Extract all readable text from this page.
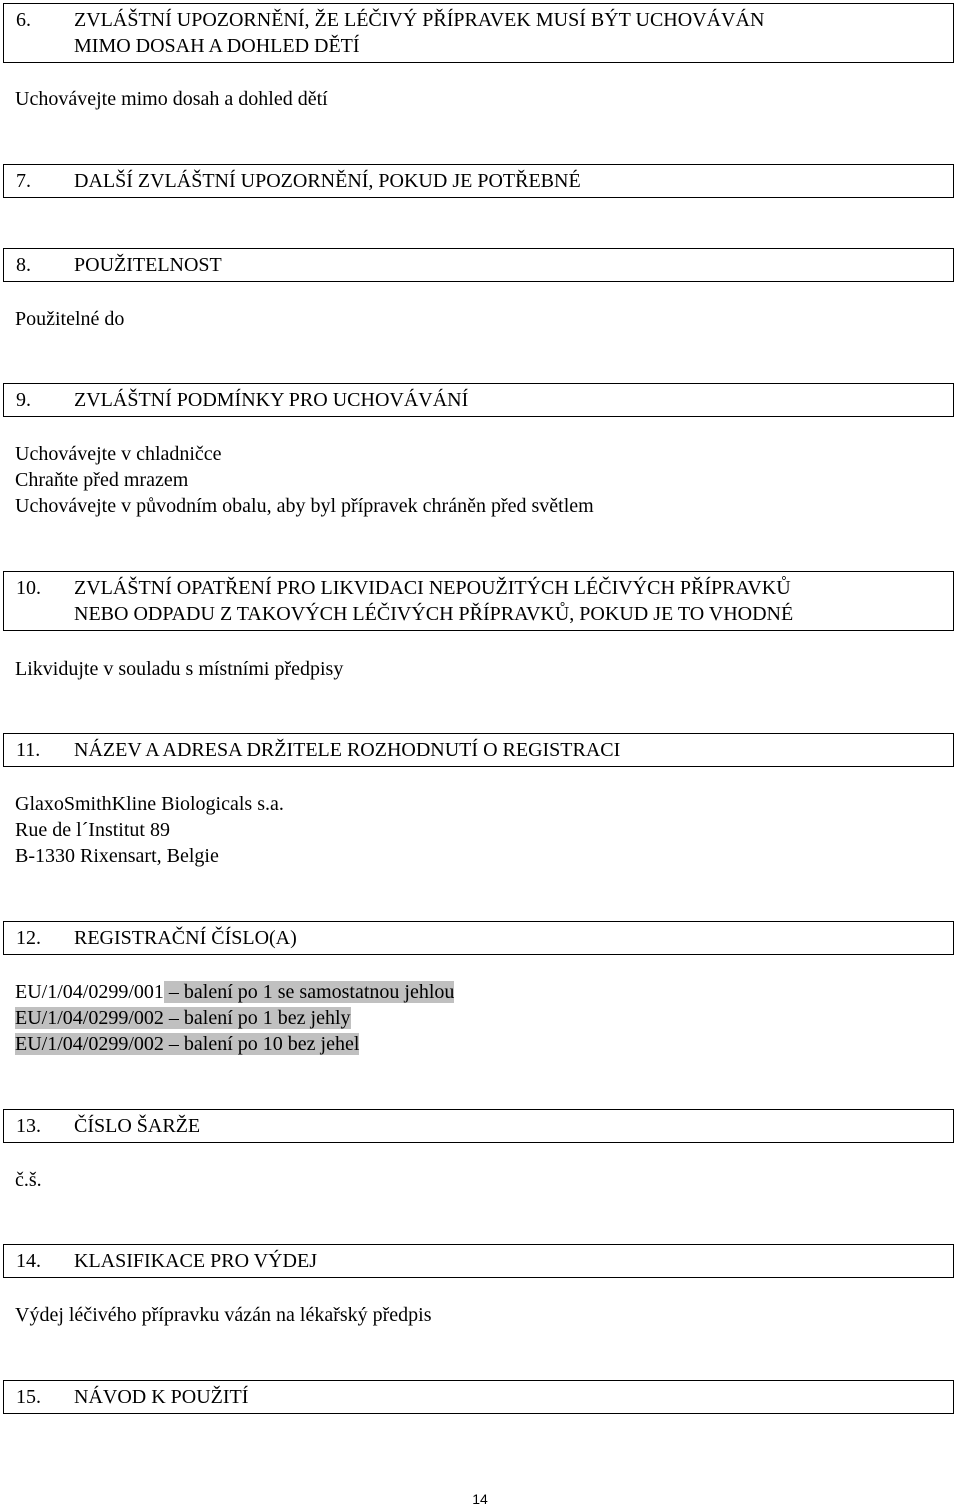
6.	ZVLÁŠTNÍ UPOZORNĚNÍ, ŽE LÉČIVÝ PŘÍPRAVEK MUSÍ BÝT UCHOVÁVÁN
MIMO DOSAH A DOHLED DĚTÍ
Uchovávejte mimo dosah a dohled dětí
7.	DALŠÍ ZVLÁŠTNÍ UPOZORNĚNÍ, POKUD JE POTŘEBNÉ
8.	POUŽITELNOST
Použitelné do
9.	ZVLÁŠTNÍ PODMÍNKY PRO UCHOVÁVÁNÍ
Uchovávejte v chladničce
Chraňte před mrazem
Uchovávejte v původním obalu, aby byl přípravek chráněn před světlem
10.	ZVLÁŠTNÍ OPATŘENÍ PRO LIKVIDACI NEPOUŽITÝCH LÉČIVÝCH PŘÍPRAVKŮ
NEBO ODPADU Z TAKOVÝCH LÉČIVÝCH PŘÍPRAVKŮ, POKUD JE TO VHODNÉ
Likvidujte v souladu s místními předpisy
11.	NÁZEV A ADRESA DRŽITELE ROZHODNUTÍ O REGISTRACI
GlaxoSmithKline Biologicals s.a.
Rue de l´Institut 89
B-1330 Rixensart, Belgie
12.	REGISTRAČNÍ ČÍSLO(A)
EU/1/04/0299/001 – balení po 1 se samostatnou jehlou
EU/1/04/0299/002 – balení po 1 bez jehly
EU/1/04/0299/002 – balení po 10 bez jehel
13.	ČÍSLO ŠARŽE
č.š.
14.	KLASIFIKACE PRO VÝDEJ
Výdej léčivého přípravku vázán na lékařský předpis
15.	NÁVOD K POUŽITÍ
14
